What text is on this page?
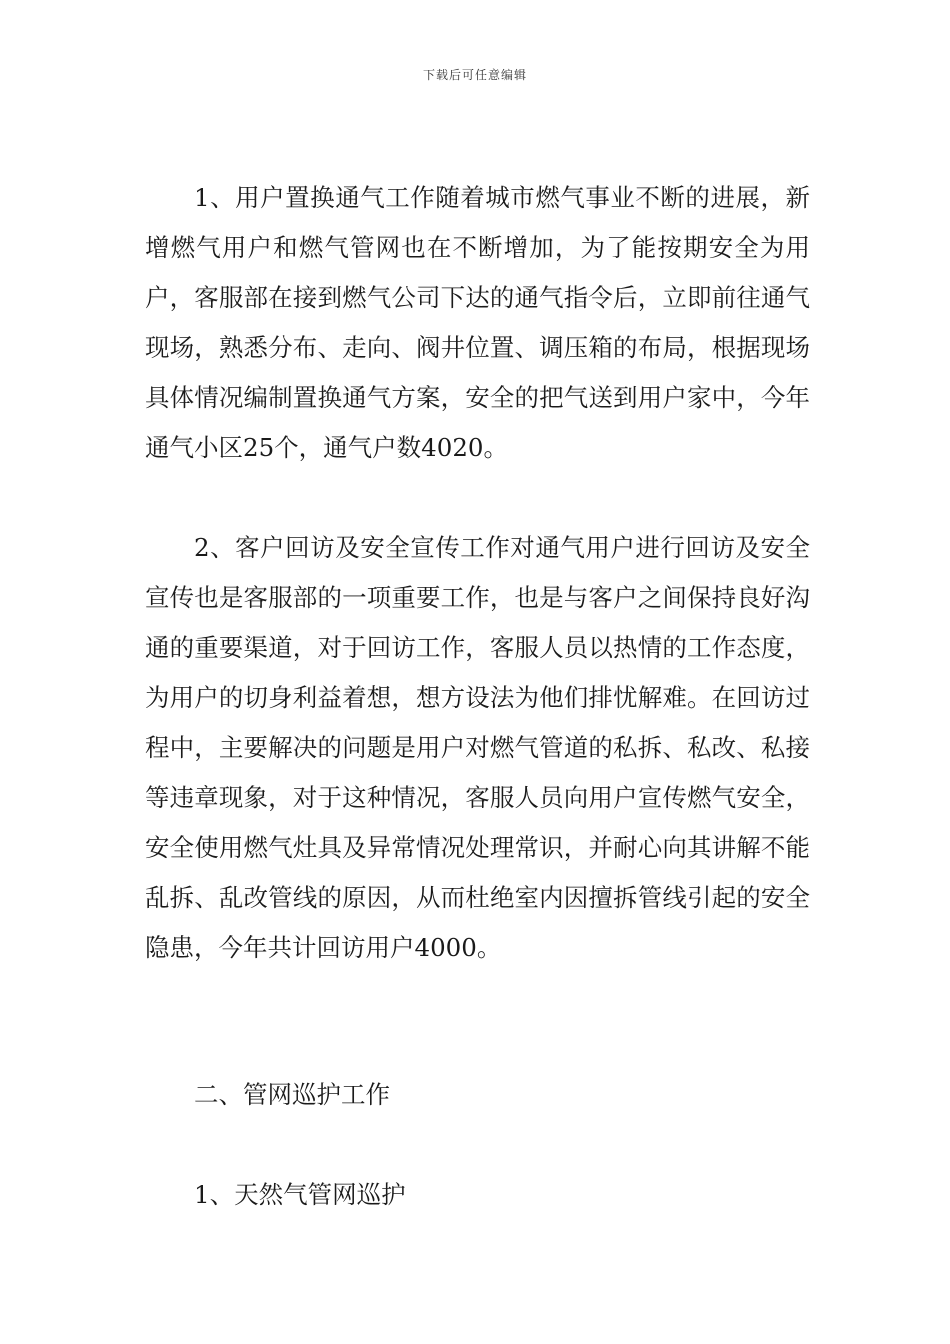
下载后可任意编辑

1、用户置换通气工作随着城市燃气事业不断的进展，新增燃气用户和燃气管网也在不断增加，为了能按期安全为用户，客服部在接到燃气公司下达的通气指令后，立即前往通气现场，熟悉分布、走向、阀井位置、调压箱的布局，根据现场具体情况编制置换通气方案，安全的把气送到用户家中，今年通气小区25个，通气户数4020。

2、客户回访及安全宣传工作对通气用户进行回访及安全宣传也是客服部的一项重要工作，也是与客户之间保持良好沟通的重要渠道，对于回访工作，客服人员以热情的工作态度，为用户的切身利益着想，想方设法为他们排忧解难。在回访过程中，主要解决的问题是用户对燃气管道的私拆、私改、私接等违章现象，对于这种情况，客服人员向用户宣传燃气安全，安全使用燃气灶具及异常情况处理常识，并耐心向其讲解不能乱拆、乱改管线的原因，从而杜绝室内因擅拆管线引起的安全隐患，今年共计回访用户4000。

二、管网巡护工作

1、天然气管网巡护
